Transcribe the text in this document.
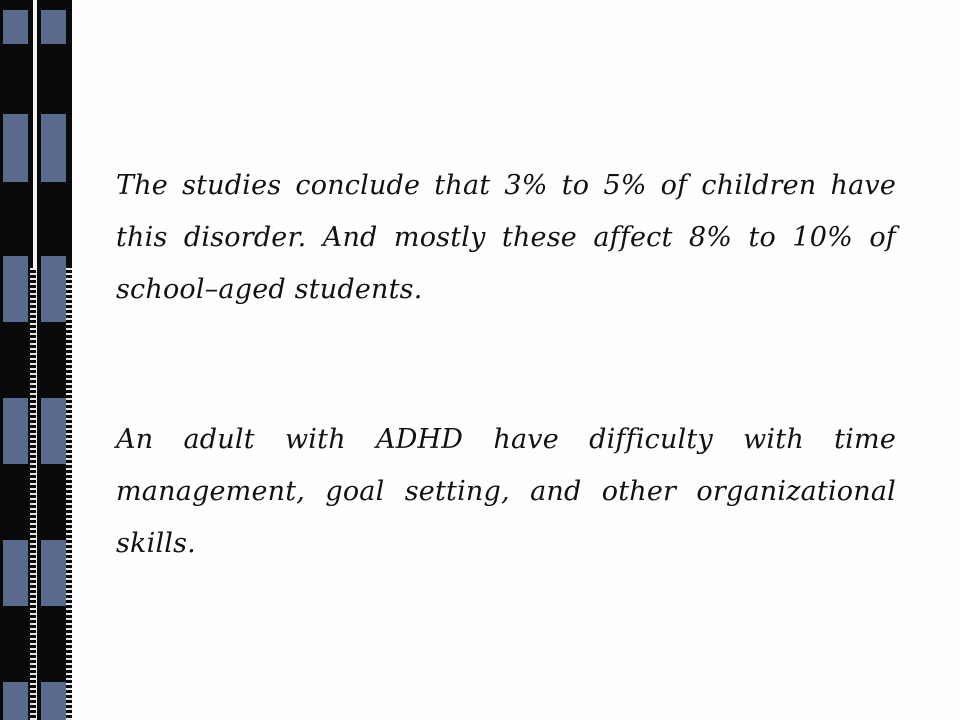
The studies conclude that 3% to 5% of children have this disorder. And mostly these affect 8% to 10% of school–aged students.

An adult with ADHD have difficulty with time management, goal setting, and other organizational skills.
